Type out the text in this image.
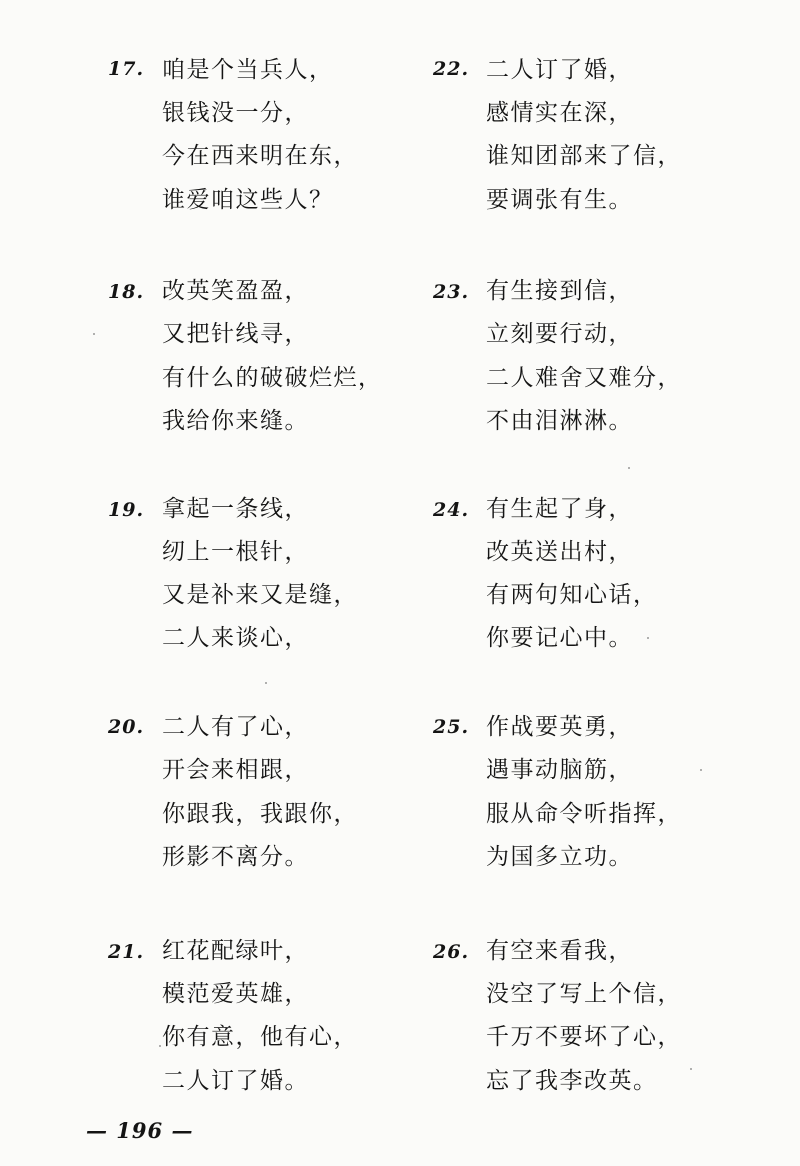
17. 咱是个当兵人，
银钱没一分，
今在西来明在东，
谁爱咱这些人？
18. 改英笑盈盈，
又把针线寻，
有什么的破破烂烂，
我给你来缝。
19. 拿起一条线，
纫上一根针，
又是补来又是缝，
二人来谈心，
20. 二人有了心，
开会来相跟，
你跟我，我跟你，
形影不离分。
21. 红花配绿叶，
模范爱英雄，
你有意，他有心，
二人订了婚。
22. 二人订了婚，
感情实在深，
谁知团部来了信，
要调张有生。
23. 有生接到信，
立刻要行动，
二人难舍又难分，
不由泪淋淋。
24. 有生起了身，
改英送出村，
有两句知心话，
你要记心中。
25. 作战要英勇，
遇事动脑筋，
服从命令听指挥，
为国多立功。
26. 有空来看我，
没空了写上个信，
千万不要坏了心，
忘了我李改英。
— 196 —
